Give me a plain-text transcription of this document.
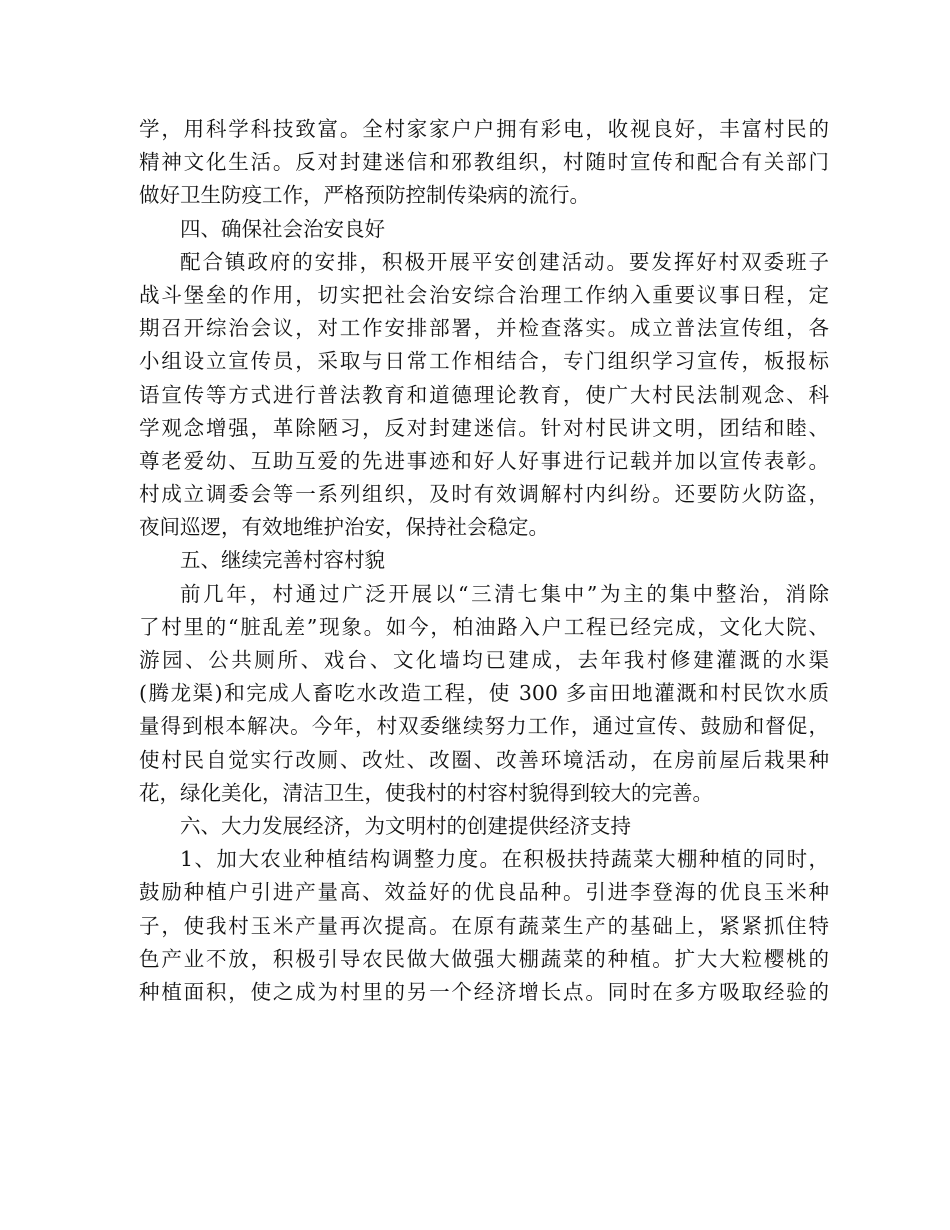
学，用科学科技致富。全村家家户户拥有彩电，收视良好，丰富村民的
精神文化生活。反对封建迷信和邪教组织，村随时宣传和配合有关部门
做好卫生防疫工作，严格预防控制传染病的流行。
四、确保社会治安良好
配合镇政府的安排，积极开展平安创建活动。要发挥好村双委班子
战斗堡垒的作用，切实把社会治安综合治理工作纳入重要议事日程，定
期召开综治会议，对工作安排部署，并检查落实。成立普法宣传组，各
小组设立宣传员，采取与日常工作相结合，专门组织学习宣传，板报标
语宣传等方式进行普法教育和道德理论教育，使广大村民法制观念、科
学观念增强，革除陋习，反对封建迷信。针对村民讲文明，团结和睦、
尊老爱幼、互助互爱的先进事迹和好人好事进行记载并加以宣传表彰。
村成立调委会等一系列组织，及时有效调解村内纠纷。还要防火防盗，
夜间巡逻，有效地维护治安，保持社会稳定。
五、继续完善村容村貌
前几年，村通过广泛开展以“三清七集中”为主的集中整治，消除
了村里的“脏乱差”现象。如今，柏油路入户工程已经完成，文化大院、
游园、公共厕所、戏台、文化墙均已建成，去年我村修建灌溉的水渠
(腾龙渠)和完成人畜吃水改造工程，使 300 多亩田地灌溉和村民饮水质
量得到根本解决。今年，村双委继续努力工作，通过宣传、鼓励和督促，
使村民自觉实行改厕、改灶、改圈、改善环境活动，在房前屋后栽果种
花，绿化美化，清洁卫生，使我村的村容村貌得到较大的完善。
六、大力发展经济，为文明村的创建提供经济支持
1、加大农业种植结构调整力度。在积极扶持蔬菜大棚种植的同时，
鼓励种植户引进产量高、效益好的优良品种。引进李登海的优良玉米种
子，使我村玉米产量再次提高。在原有蔬菜生产的基础上，紧紧抓住特
色产业不放，积极引导农民做大做强大棚蔬菜的种植。扩大大粒樱桃的
种植面积，使之成为村里的另一个经济增长点。同时在多方吸取经验的
